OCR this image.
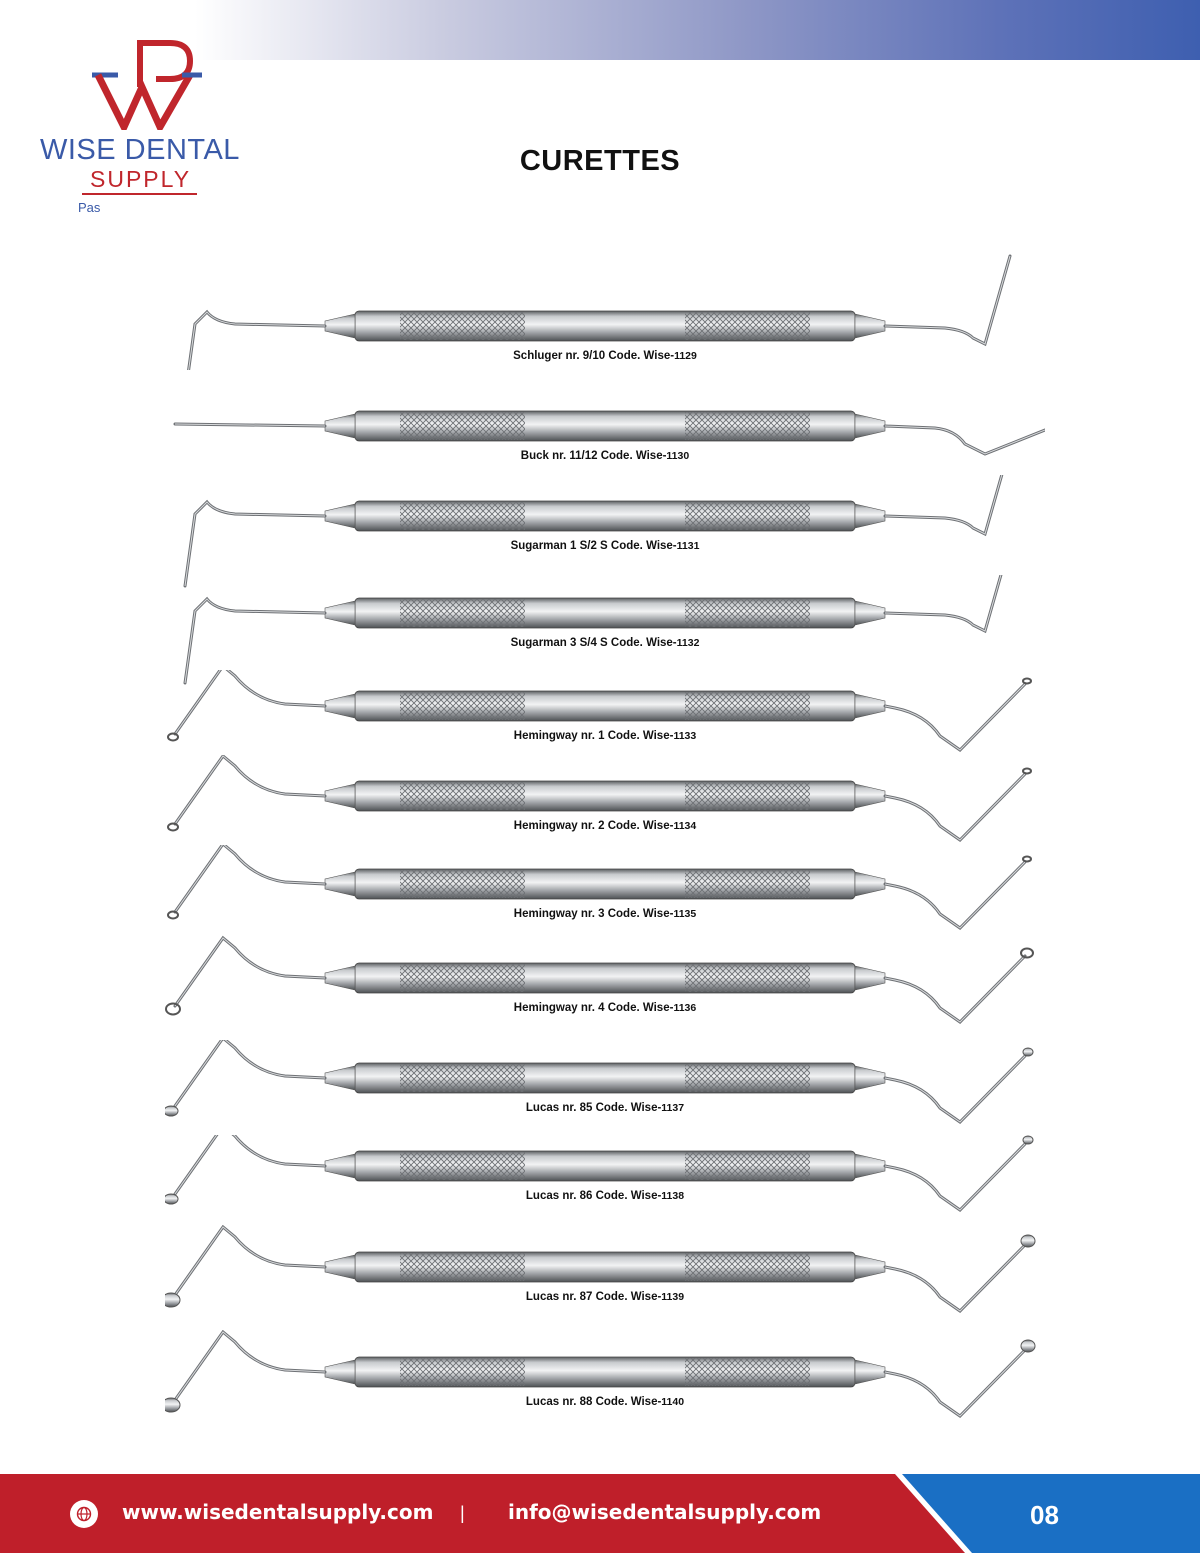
WISE DENTAL
SUPPLY
Pas
CURETTES
Schluger nr. 9/10 Code. Wise-1129
Buck nr. 11/12 Code. Wise-1130
Sugarman 1 S/2 S Code. Wise-1131
Sugarman 3 S/4 S Code. Wise-1132
Hemingway nr. 1 Code. Wise-1133
Hemingway nr. 2 Code. Wise-1134
Hemingway nr. 3 Code. Wise-1135
Hemingway nr. 4 Code. Wise-1136
Lucas nr. 85 Code. Wise-1137
Lucas nr. 86 Code. Wise-1138
Lucas nr. 87 Code. Wise-1139
Lucas nr. 88 Code. Wise-1140
www.wisedentalsupply.com | info@wisedentalsupply.com	08
